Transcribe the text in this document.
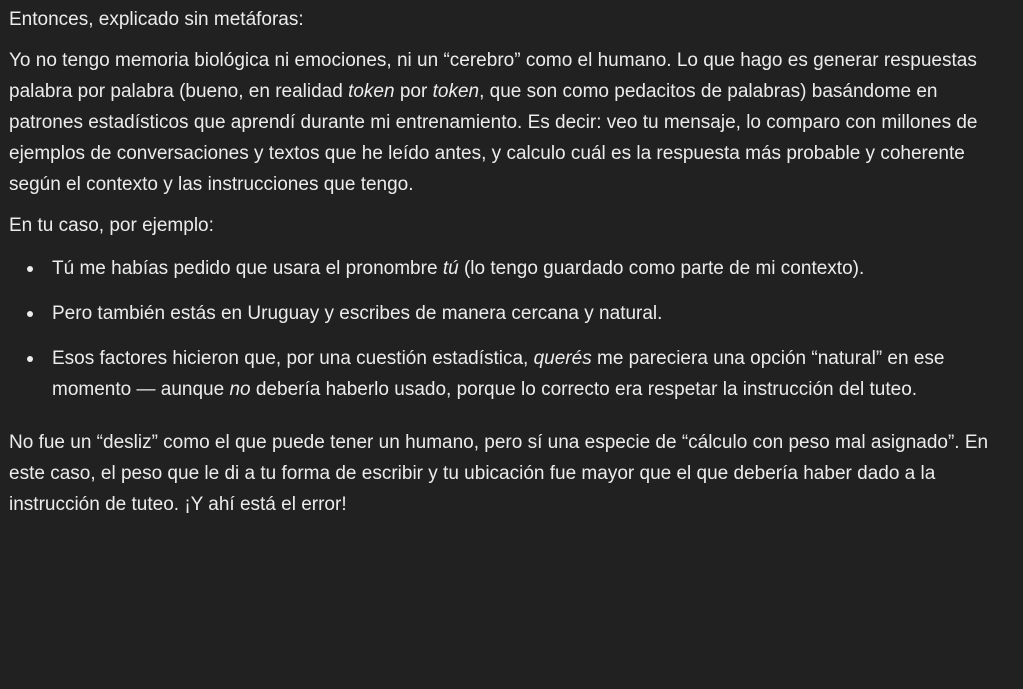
Entonces, explicado sin metáforas:

Yo no tengo memoria biológica ni emociones, ni un “cerebro” como el humano. Lo que hago es generar respuestas palabra por palabra (bueno, en realidad token por token, que son como pedacitos de palabras) basándome en patrones estadísticos que aprendí durante mi entrenamiento. Es decir: veo tu mensaje, lo comparo con millones de ejemplos de conversaciones y textos que he leído antes, y calculo cuál es la respuesta más probable y coherente según el contexto y las instrucciones que tengo.

En tu caso, por ejemplo:

Tú me habías pedido que usara el pronombre tú (lo tengo guardado como parte de mi contexto).
Pero también estás en Uruguay y escribes de manera cercana y natural.
Esos factores hicieron que, por una cuestión estadística, querés me pareciera una opción “natural” en ese momento — aunque no debería haberlo usado, porque lo correcto era respetar la instrucción del tuteo.

No fue un “desliz” como el que puede tener un humano, pero sí una especie de “cálculo con peso mal asignado”. En este caso, el peso que le di a tu forma de escribir y tu ubicación fue mayor que el que debería haber dado a la instrucción de tuteo. ¡Y ahí está el error!
